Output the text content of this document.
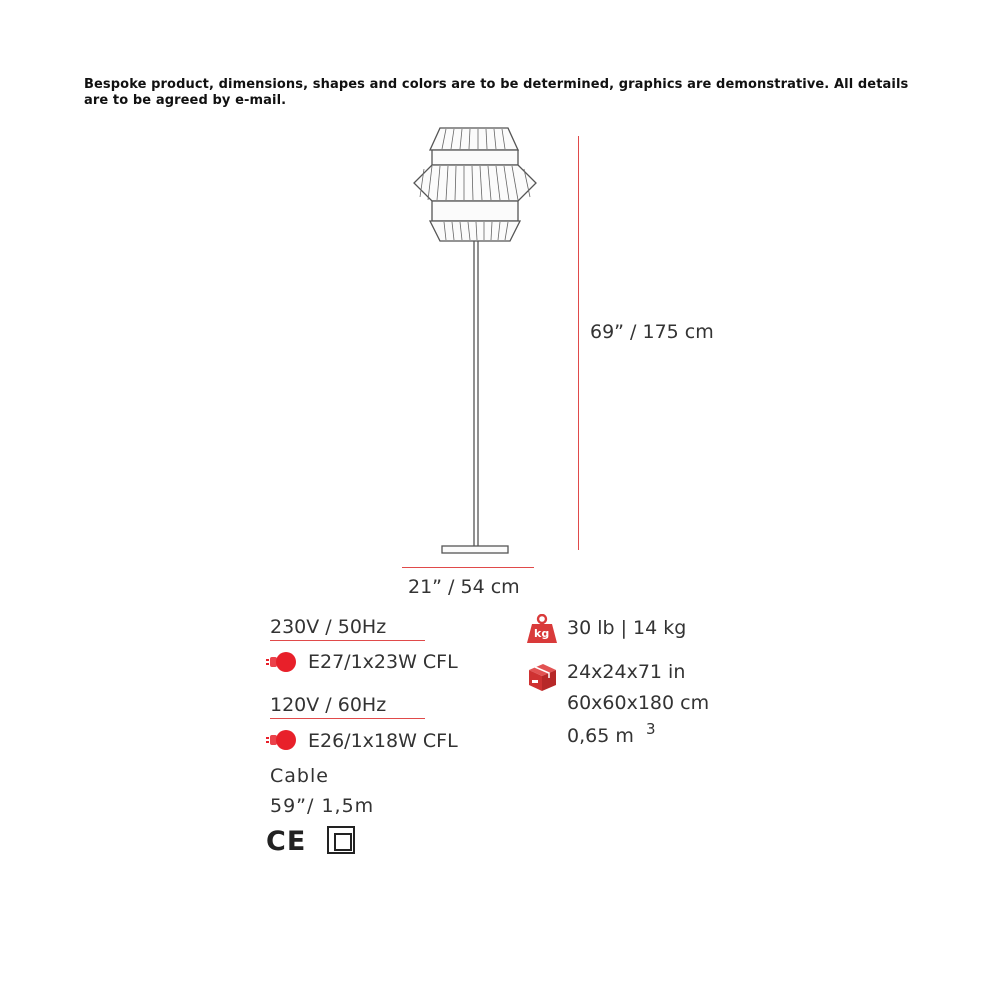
Bespoke product, dimensions, shapes and colors are to be determined, graphics are demonstrative. All details are to be agreed by e-mail.
69” / 175 cm
21” / 54 cm
230V / 50Hz
E27/1x23W CFL
120V / 60Hz
E26/1x18W CFL
Cable
59”/ 1,5m
CE
kg 30 lb | 14 kg
24x24x71 in
60x60x180 cm
0,65 m 3
